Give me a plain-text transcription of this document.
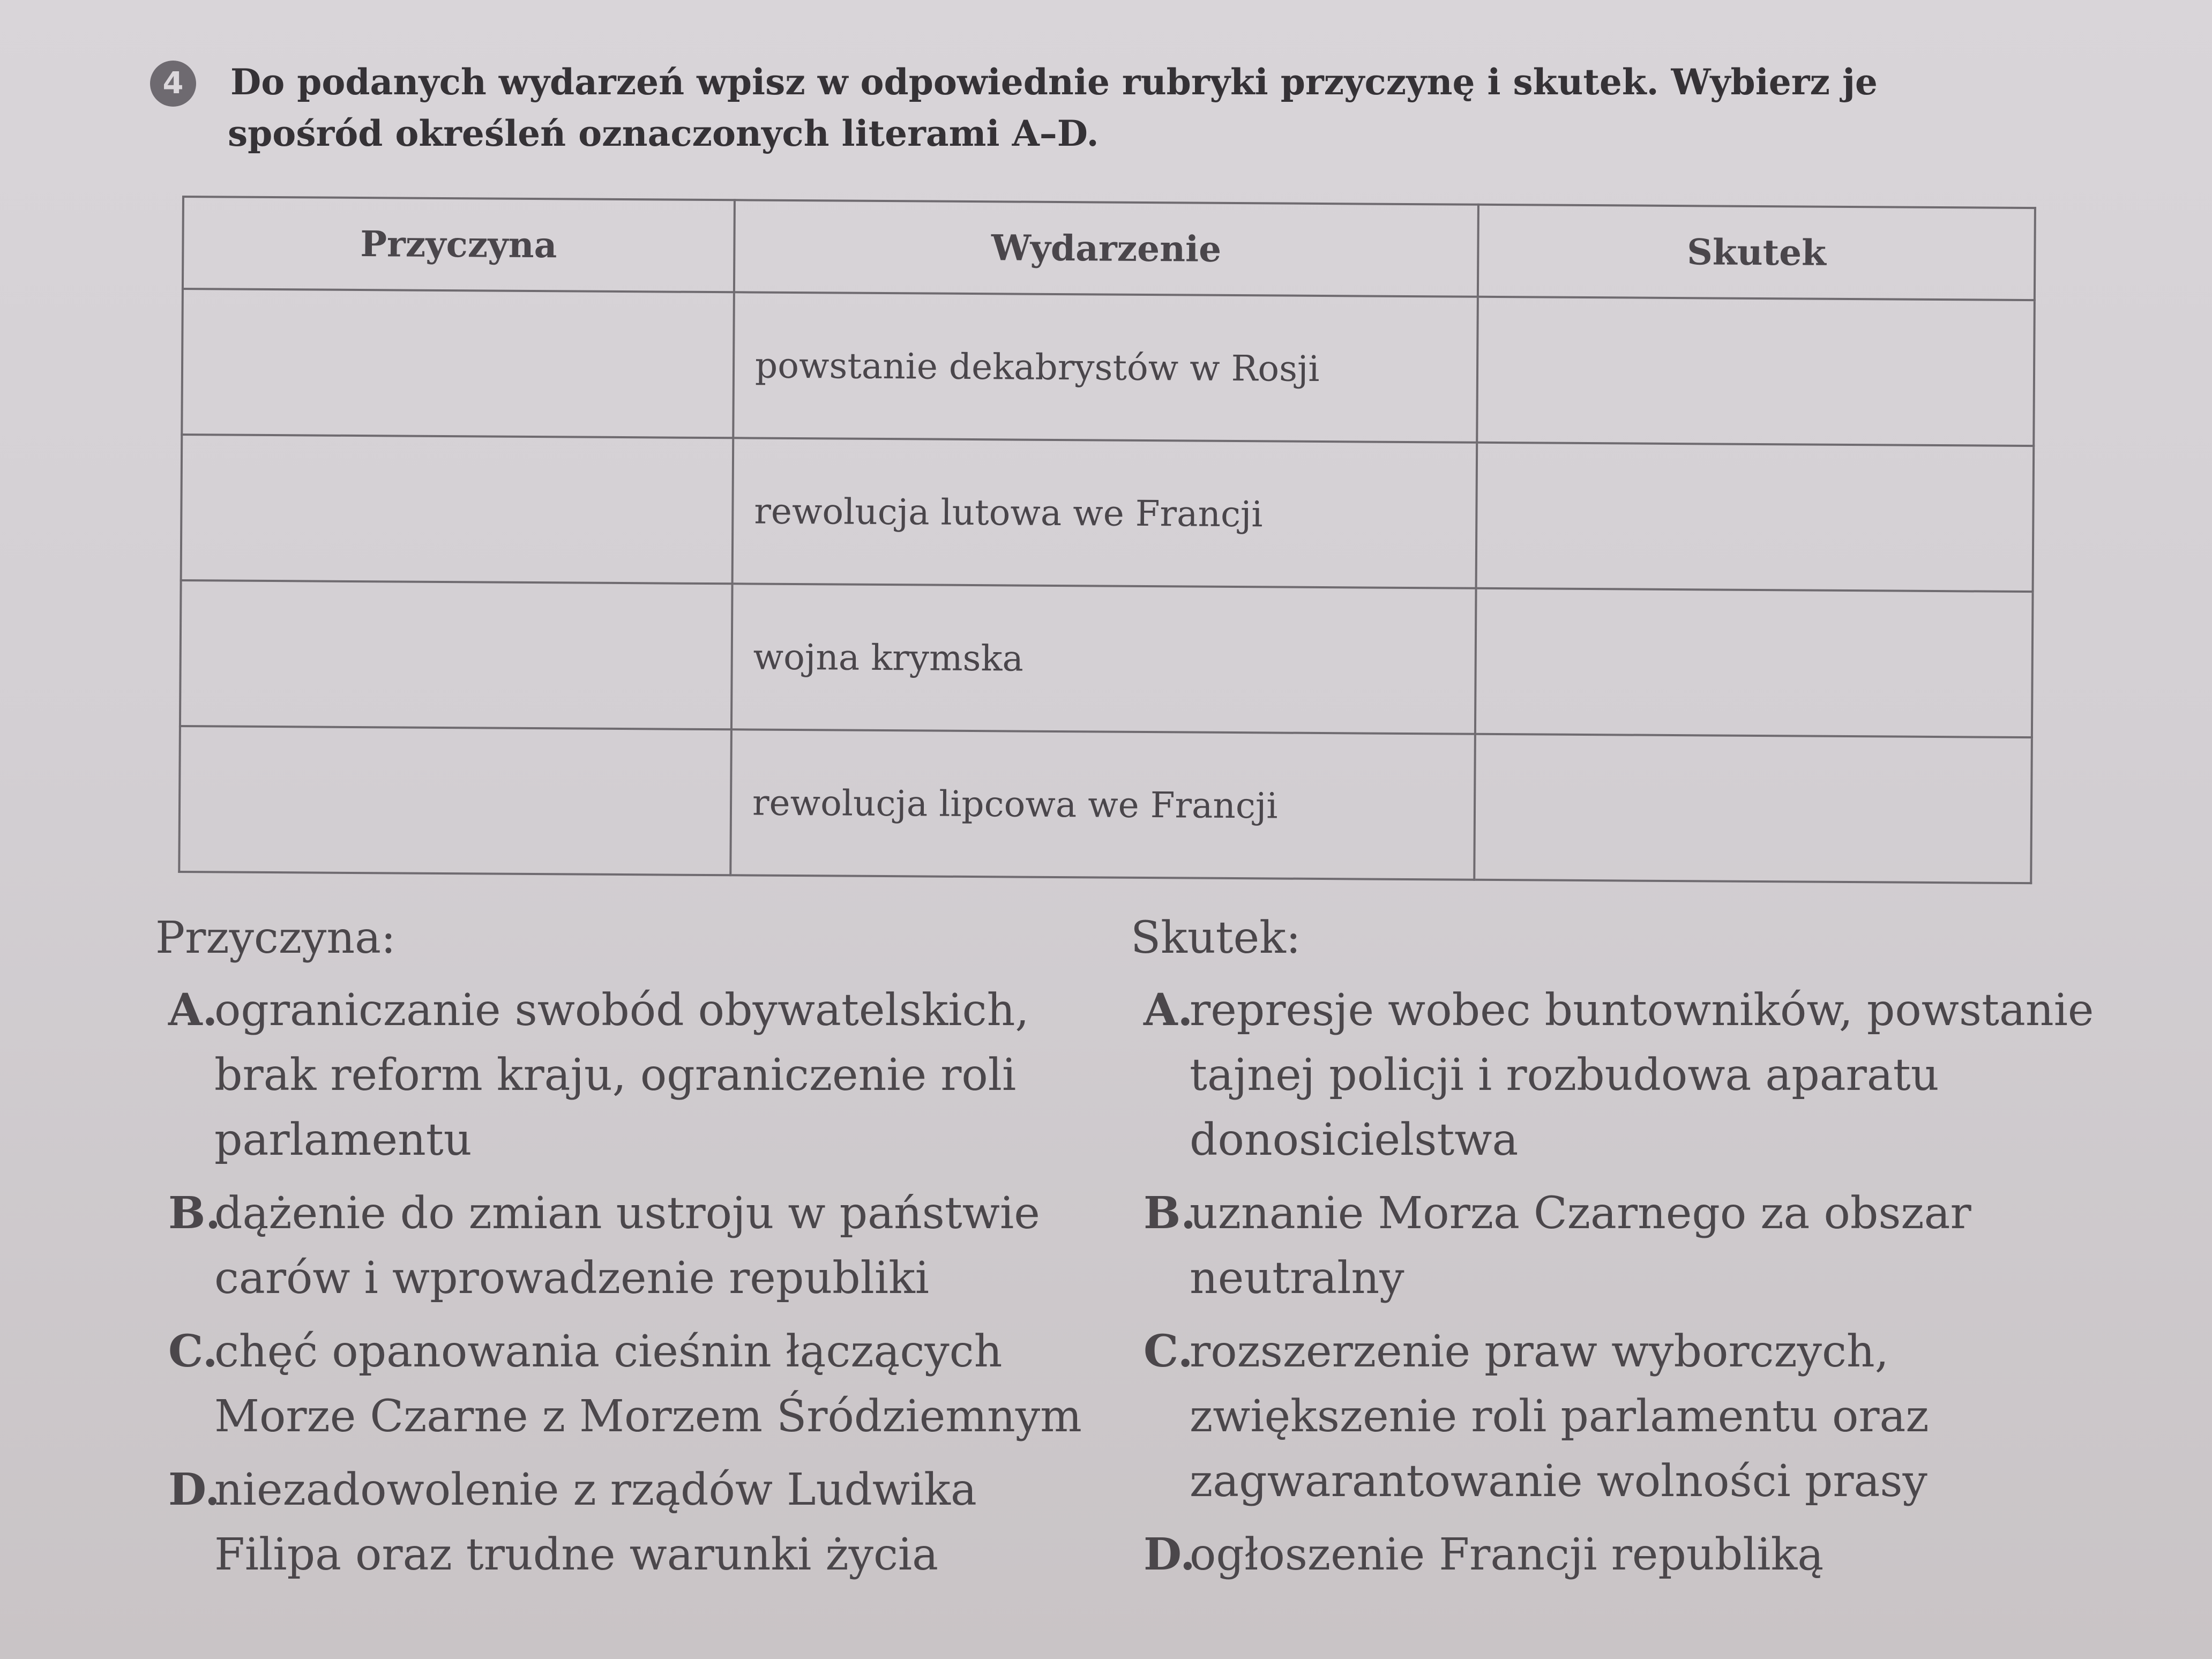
4	Do podanych wydarzeń wpisz w odpowiednie rubryki przyczynę i skutek. Wybierz je
spośród określeń oznaczonych literami A–D.
Przyczyna	Wydarzenie	Skutek
	powstanie dekabrystów w Rosji	
	rewolucja lutowa we Francji	
	wojna krymska	
	rewolucja lipcowa we Francji	
Przyczyna:
A.
ograniczanie swobód obywatelskich, brak reform kraju, ograniczenie roli parlamentu
B.
dążenie do zmian ustroju w państwie carów i wprowadzenie republiki
C.
chęć opanowania cieśnin łączących Morze Czarne z Morzem Śródziemnym
D.
niezadowolenie z rządów Ludwika Filipa oraz trudne warunki życia
Skutek:
A.
represje wobec buntowników, powstanie tajnej policji i rozbudowa aparatu donosicielstwa
B.
uznanie Morza Czarnego za obszar neutralny
C.
rozszerzenie praw wyborczych, zwiększenie roli parlamentu oraz zagwarantowanie wolności prasy
D.
ogłoszenie Francji republiką
